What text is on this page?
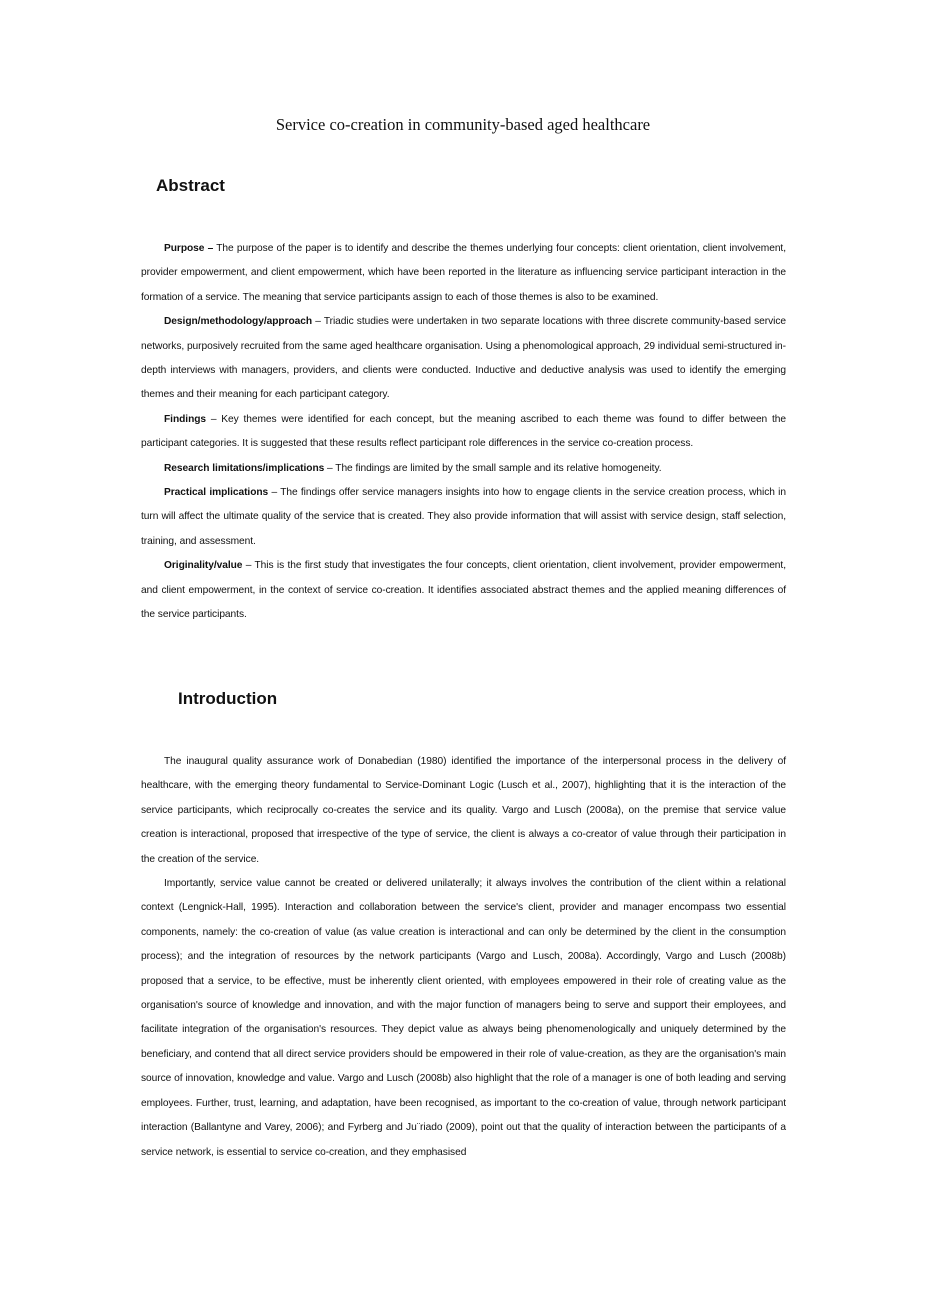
Service co-creation in community-based aged healthcare
Abstract

Purpose – The purpose of the paper is to identify and describe the themes underlying four concepts: client orientation, client involvement, provider empowerment, and client empowerment, which have been reported in the literature as influencing service participant interaction in the formation of a service. The meaning that service participants assign to each of those themes is also to be examined.

Design/methodology/approach – Triadic studies were undertaken in two separate locations with three discrete community-based service networks, purposively recruited from the same aged healthcare organisation. Using a phenomological approach, 29 individual semi-structured in-depth interviews with managers, providers, and clients were conducted. Inductive and deductive analysis was used to identify the emerging themes and their meaning for each participant category.

Findings – Key themes were identified for each concept, but the meaning ascribed to each theme was found to differ between the participant categories. It is suggested that these results reflect participant role differences in the service co-creation process.

Research limitations/implications – The findings are limited by the small sample and its relative homogeneity.

Practical implications – The findings offer service managers insights into how to engage clients in the service creation process, which in turn will affect the ultimate quality of the service that is created. They also provide information that will assist with service design, staff selection, training, and assessment.

Originality/value – This is the first study that investigates the four concepts, client orientation, client involvement, provider empowerment, and client empowerment, in the context of service co-creation. It identifies associated abstract themes and the applied meaning differences of the service participants.

Introduction

The inaugural quality assurance work of Donabedian (1980) identified the importance of the interpersonal process in the delivery of healthcare, with the emerging theory fundamental to Service-Dominant Logic (Lusch et al., 2007), highlighting that it is the interaction of the service participants, which reciprocally co-creates the service and its quality. Vargo and Lusch (2008a), on the premise that service value creation is interactional, proposed that irrespective of the type of service, the client is always a co-creator of value through their participation in the creation of the service.

Importantly, service value cannot be created or delivered unilaterally; it always involves the contribution of the client within a relational context (Lengnick-Hall, 1995). Interaction and collaboration between the service's client, provider and manager encompass two essential components, namely: the co-creation of value (as value creation is interactional and can only be determined by the client in the consumption process); and the integration of resources by the network participants (Vargo and Lusch, 2008a). Accordingly, Vargo and Lusch (2008b) proposed that a service, to be effective, must be inherently client oriented, with employees empowered in their role of creating value as the organisation's source of knowledge and innovation, and with the major function of managers being to serve and support their employees, and facilitate integration of the organisation's resources. They depict value as always being phenomenologically and uniquely determined by the beneficiary, and contend that all direct service providers should be empowered in their role of value-creation, as they are the organisation's main source of innovation, knowledge and value. Vargo and Lusch (2008b) also highlight that the role of a manager is one of both leading and serving employees. Further, trust, learning, and adaptation, have been recognised, as important to the co-creation of value, through network participant interaction (Ballantyne and Varey, 2006); and Fyrberg and Ju¨riado (2009), point out that the quality of interaction between the participants of a service network, is essential to service co-creation, and they emphasised
